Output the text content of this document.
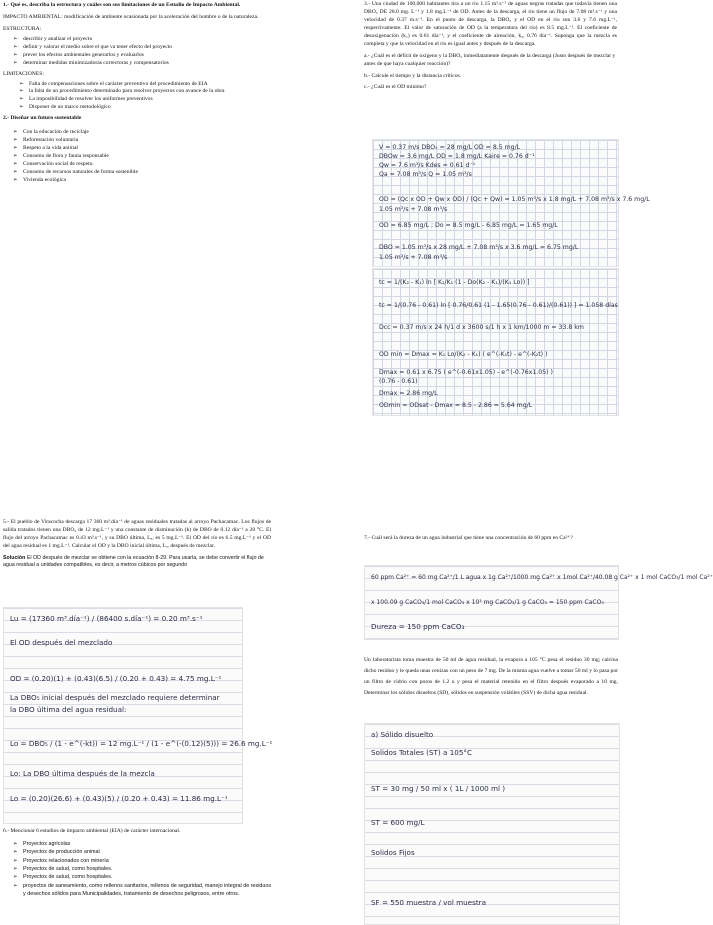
1.- Qué es, describa la estructura y cuáles son sus limitaciones de un Estudio de Impacto Ambiental.

IMPACTO AMBIENTAL: modificación de ambiente ocasionada por la aceleración del hombre o de la naturaleza.

ESTRUCTURA:

➢ describir y analizar el proyecto
➢ definir y valorar el medio sobre el que va tener efecto del proyecto
➢ prever los efectos ambientales generarlos y evaluarlos
➢ determinar medidas minimizadoras correctoras y compensatorios

LIMITACIONES:

➢ Falta de compensaciones sobre el carácter preventivo del procedimiento de EIA
➢ la falta de un procedimiento determinado para resolver proyectos con avance de la obra
➢ La imposibilidad de resolver los uniformes preventivos
➢ Disponer de un marco metodológico

2.- Diseñar un futuro sustentable

➢ Con la educación de reciclaje
➢ Reforestación voluntaria
➢ Respeto a la vida animal
➢ Consumo de flora y fauna responsable
➢ Conservación social de respeto.
➢ Consumo de recursos naturales de forma sostenible
➢ Vivienda ecológica

3.- Una ciudad de 100,000 habitantes tira a un río 1.15 m³.s⁻¹ de aguas negras tratadas que todavía tienen una DBO₅ DE 28.0 mg. L⁻¹ y 1.8 mg.L⁻¹ de OD. Antes de la descarga, el río tiene un flujo de 7.08 m³.s⁻¹ y una velocidad de 0.37 m.s⁻¹. En el punto de descarga, la DBO₅ y el OD en el río son 3.6 y 7.6 mg.L⁻¹, respectivamente. El valor de saturación de OD (a la temperatura del río) es 8.5 mg.L⁻¹. El coeficiente de desoxigenación (k₁) es 0.61 día⁻¹, y el coeficiente de aireación, k₂, 0.76 día⁻¹. Suponga que la mezcla es completa y que la velocidad en el río es igual antes y después de la descarga.

a.- ¿Cuál es el déficit de oxígeno y la DBO₅ inmediatamente después de la descarga (Justo después de mezclar y antes de que haya cualquier reacción)?

b.- Calcule el tiempo y la distancia críticos.

c.- ¿Cuál es el OD mínimo?

V = 0.37 m/s DBO₅ = 28 mg/L OD = 8.5 mg/L
DBOw = 3.6 mg/L OD = 1.8 mg/L Kaire = 0.76 d⁻¹
Qw = 7.6 m³/s Kdes = 0.61 d⁻¹
Qa = 7.08 m³/s Q = 1.05 m³/s
OD = (Qc x OD + Qw x OD) / (Qc + Qw) = 1.05 m³/s x 1.8 mg/L + 7.08 m³/s x 7.6 mg/L
1.05 m³/s + 7.08 m³/s
OD = 6.85 mg/L ; Do = 8.5 mg/L - 6.85 mg/L = 1.65 mg/L
DBO = 1.05 m³/s x 28 mg/L + 7.08 m³/s x 3.6 mg/L = 6.75 mg/L
1.05 m³/s + 7.08 m³/s
tc = 1/(K₂ - K₁) ln [ K₂/K₁ (1 - Do(K₂ - K₁)/(K₁ Lo)) ]
tc = 1/(0.76 - 0.61) ln [ 0.76/0.61 (1 - 1.65(0.76 - 0.61)/(0.61)) ] = 1.058 días
Dcc = 0.37 m/s x 24 h/1 d x 3600 s/1 h x 1 km/1000 m = 33.8 km
OD min = Dmax = K₁ Lo/(K₂ - K₁) ( e^(-K₁t) - e^(-K₂t) )
Dmax = 0.61 x 6.75 ( e^(-0.61x1.05) - e^(-0.76x1.05) )
(0.76 - 0.61)
Dmax = 2.86 mg/L
ODmin = ODsat - Dmax = 8.5 - 2.86 = 5.64 mg/L

5.- El pueblo de Viracocha descarga 17 360 m³.día⁻¹ de aguas residuales tratadas al arroyo Pachacamac. Los flujos de salida tratados tienen una DBO₅ de 12 mg.L⁻¹ y una constante de disminución (k) de DBO de 0.12 día⁻¹ a 20 °C. El flujo del arroyo Pachacamac es 0.43 m³.s⁻¹, y su DBO última, Lᵤ, es 5 mg.L⁻¹. El OD del río es 6.5 mg.L⁻¹ y el OD del agua residual es 1 mg.L⁻¹. Calcular el OD y la DBO inicial última, Lₒ, después de mezclar.

Solución El OD después de mezclar se obtiene con la ecuación 8-29. Para usarla, se debe convertir el flujo de agua residual a unidades compatibles, es decir, a metros cúbicos por segundo

Lu = (17360 m³.día⁻¹) / (86400 s.día⁻¹) = 0.20 m³.s⁻¹
El OD después del mezclado
OD = (0.20)(1) + (0.43)(6.5) / (0.20 + 0.43) = 4.75 mg.L⁻¹
La DBO₅ inicial después del mezclado requiere determinar
la DBO última del agua residual:
Lo = DBO₅ / (1 - e^(-kt)) = 12 mg.L⁻¹ / (1 - e^(-(0.12)(5))) = 26.6 mg.L⁻¹
Lo: La DBO última después de la mezcla
Lo = (0.20)(26.6) + (0.43)(5) / (0.20 + 0.43) = 11.86 mg.L⁻¹

6.- Mencionar 6 estudios de impacto ambiental (EIA) de carácter internacional.

➢ Proyectos agrícolas
➢ Proyectos de producción animal
➢ Proyectos relacionados con minería
➢ Proyectos de salud, como hospitales.
➢ Proyectos de salud, como hospitales.
➢ proyectos de saneamiento, como rellenos sanitarios, rellenos de seguridad, manejo integral de residuos y desechos sólidos para Municipalidades, tratamiento de desechos peligrosos, entre otros.

7.- Cuál será la dureza de un agua industrial que tiene una concentración de 60 ppm en Ca²⁺?

60 ppm Ca²⁺ = 60 mg Ca²⁺/1 L agua x 1g Ca²⁺/1000 mg Ca²⁺ x 1mol Ca²⁺/40.08 g Ca²⁺ x 1 mol CaCO₃/1 mol Ca²⁺
x 100.09 g CaCO₃/1 mol CaCO₃ x 10³ mg CaCO₃/1 g CaCO₃ = 150 ppm CaCO₃
Dureza = 150 ppm CaCO₃

Un laboratorista toma muestra de 50 ml de agua residual, la evapora a 105 °C pesa el residuo 30 mg; calcina dicho residuo y le queda unas cenizas con un peso de 7 mg. De la misma agua vuelve a tomar 50 ml y lo pasa por un filtro de vidrio con poros de 1.2 u y pesa el material retenido en el filtro después evaporado a 10 mg. Determinar los sólidos disueltos (SD), sólidos en suspensión volátiles (SSV) de dicha agua residual.

a) Sólido disuelto
Solidos Totales (ST) a 105°C
ST = 30 mg / 50 ml x ( 1L / 1000 ml )
ST = 600 mg/L
Solidos Fijos
SF = 550 muestra / vol muestra
